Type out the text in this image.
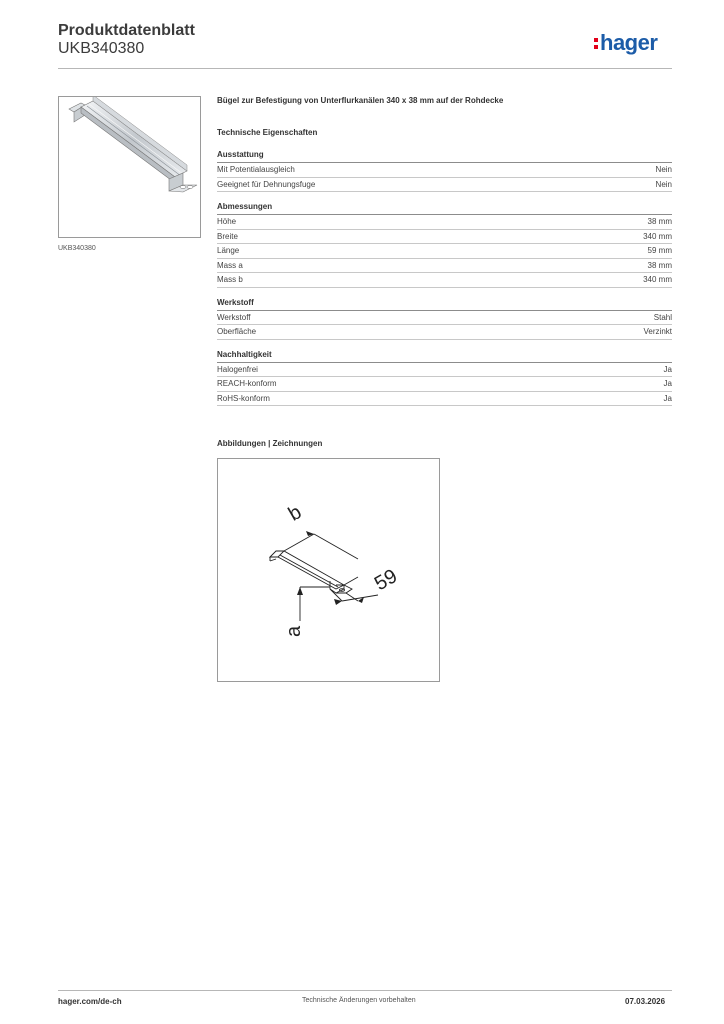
Produktdatenblatt
UKB340380	hager
UKB340380
Bügel zur Befestigung von Unterflurkanälen 340 x 38 mm auf der Rohdecke
Technische Eigenschaften
Ausstattung
Mit Potentialausgleich	Nein
Geeignet für Dehnungsfuge	Nein
Abmessungen
Höhe	38 mm
Breite	340 mm
Länge	59 mm
Mass a	38 mm
Mass b	340 mm
Werkstoff
Werkstoff	Stahl
Oberfläche	Verzinkt
Nachhaltigkeit
Halogenfrei	Ja
REACH-konform	Ja
RoHS-konform	Ja
Abbildungen | Zeichnungen
b
59
a
hager.com/de-ch	Technische Änderungen vorbehalten	07.03.2026
